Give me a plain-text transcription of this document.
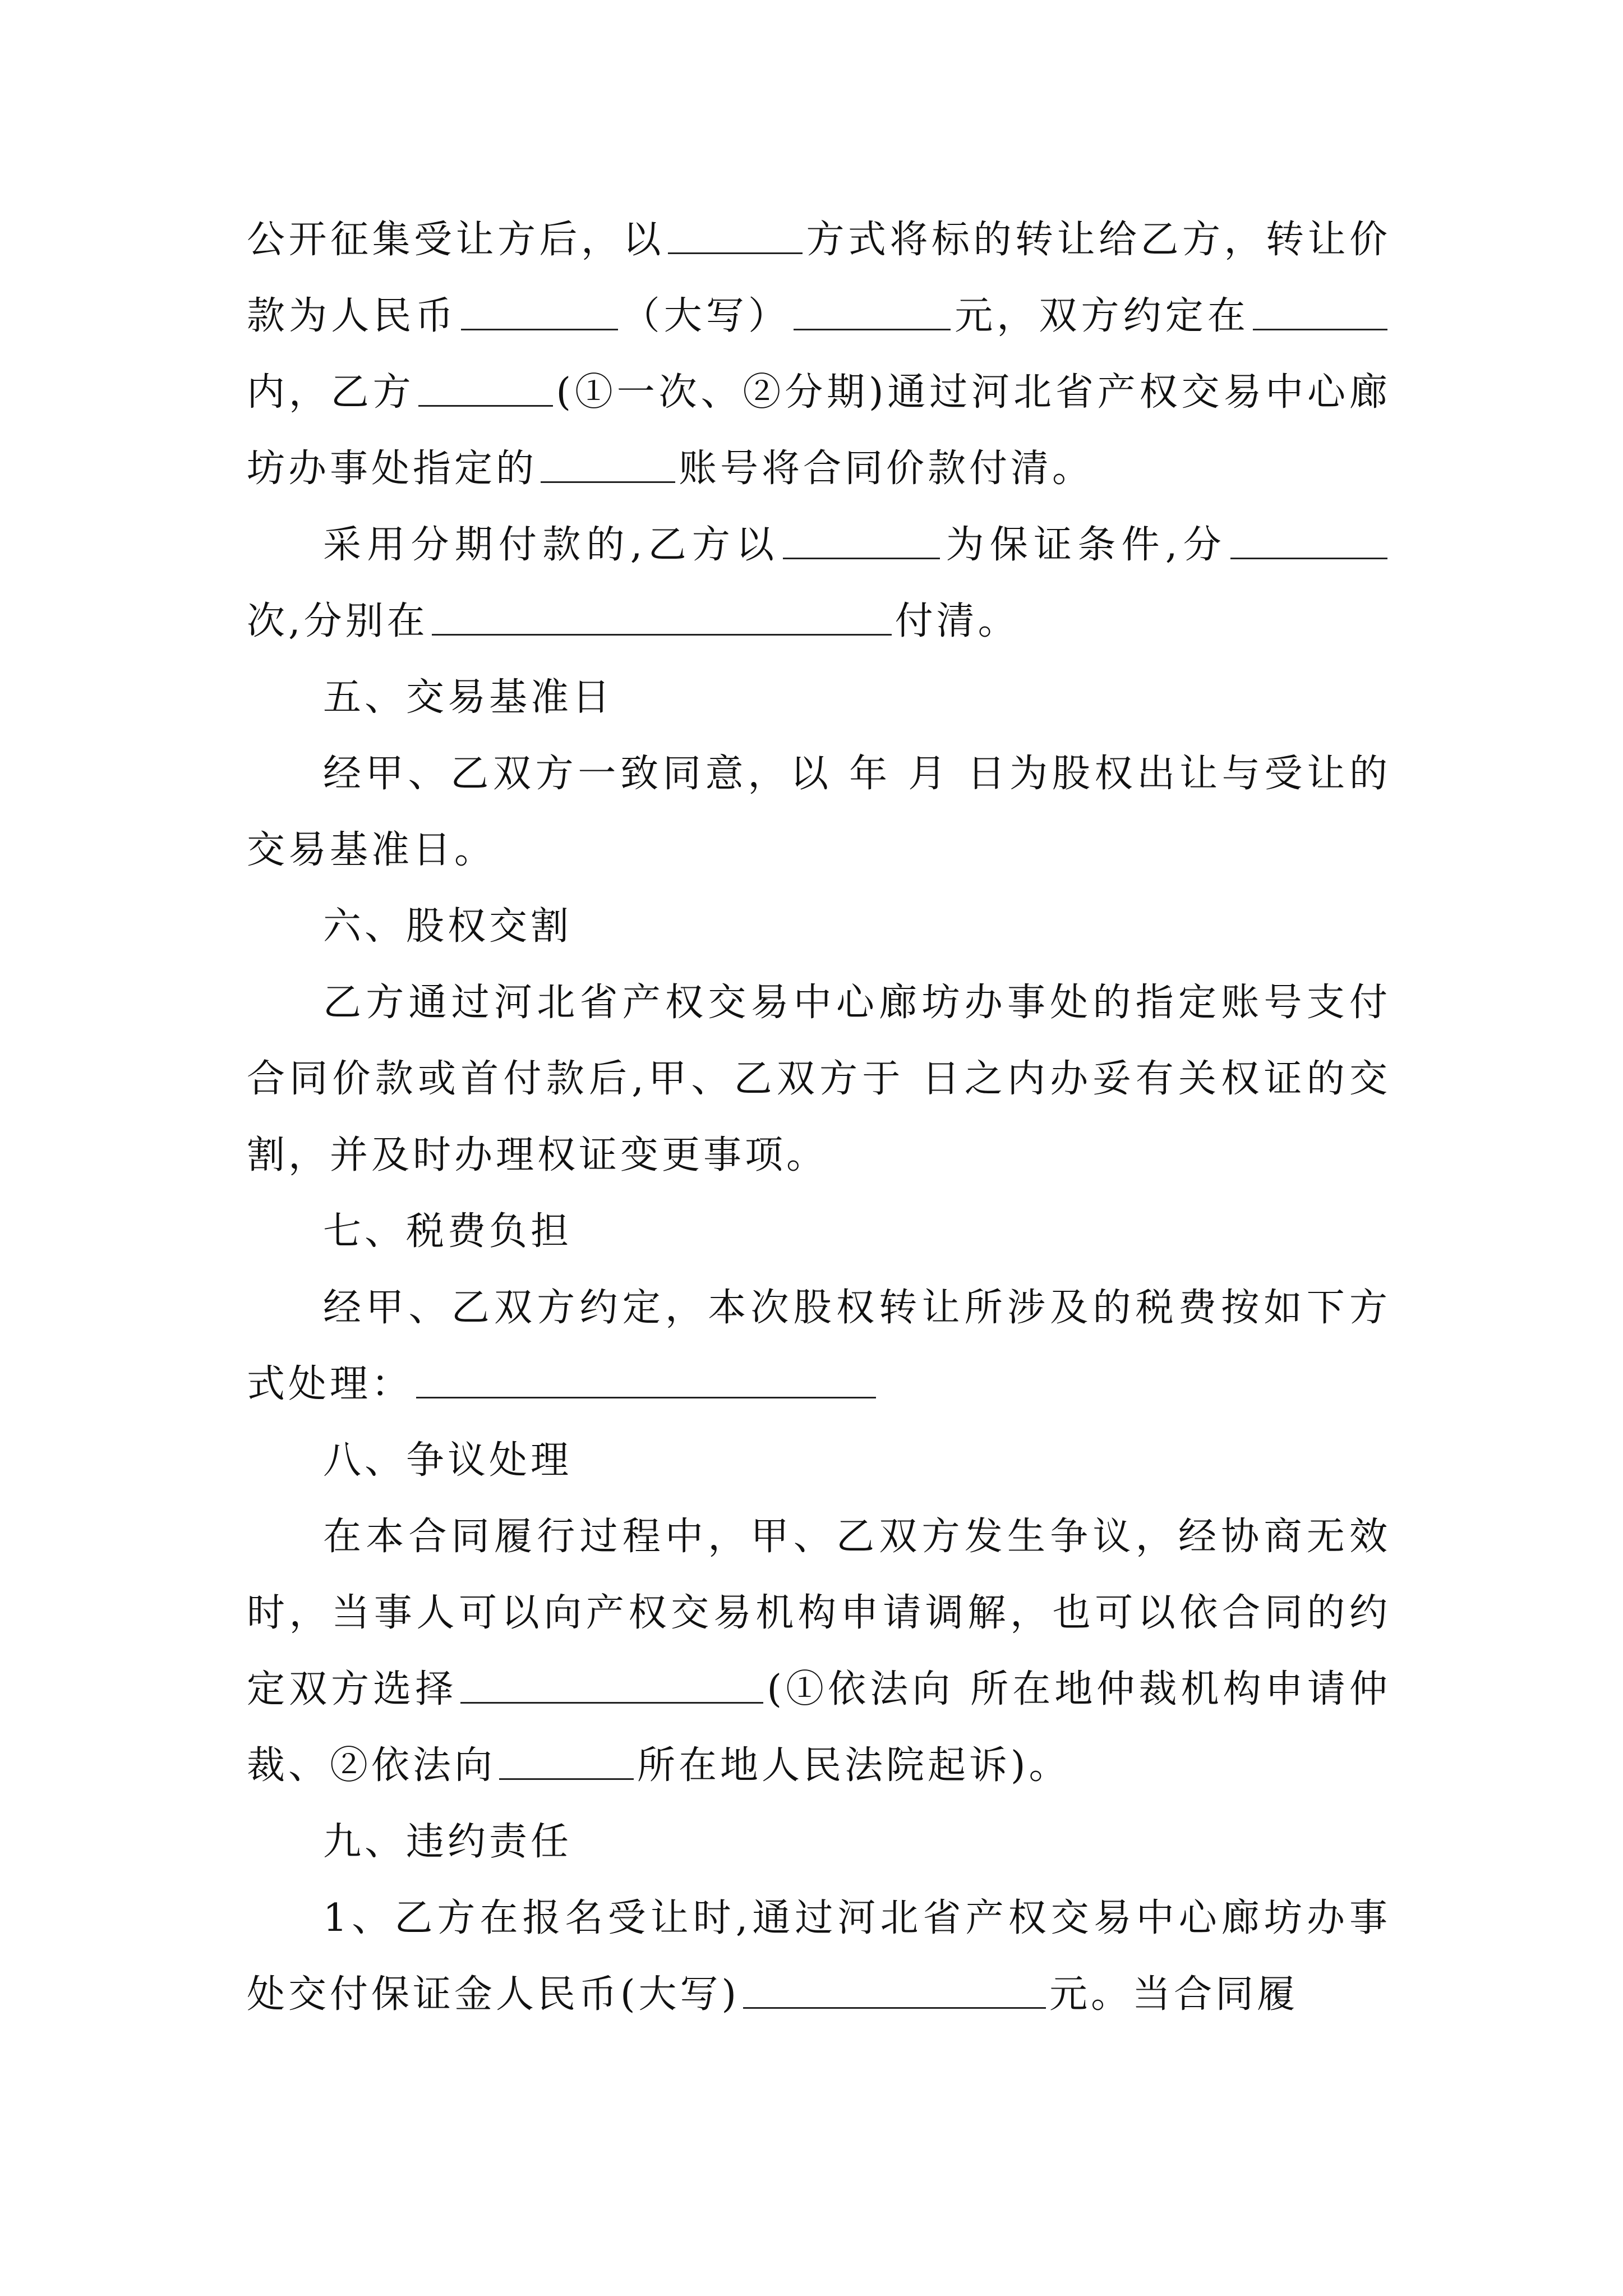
公开征集受让方后，以	方式将标的转让给乙方，转让价款为人民币	（大写）	元，双方约定在内，乙方	(①一次、②分期)通过河北省产权交易中心廊坊办事处指定的	账号将合同价款付清。

采用分期付款的,乙方以	为保证条件,分次,分别在	付清。

五、交易基准日

经甲、乙双方一致同意，以 年 月 日为股权出让与受让的交易基准日。

六、股权交割

乙方通过河北省产权交易中心廊坊办事处的指定账号支付合同价款或首付款后,甲、乙双方于 日之内办妥有关权证的交割，并及时办理权证变更事项。

七、税费负担

经甲、乙双方约定，本次股权转让所涉及的税费按如下方式处理：

八、争议处理

在本合同履行过程中，甲、乙双方发生争议，经协商无效时，当事人可以向产权交易机构申请调解，也可以依合同的约定双方选择	(①依法向 所在地仲裁机构申请仲裁、②依法向	所在地人民法院起诉)。

九、违约责任

1、乙方在报名受让时,通过河北省产权交易中心廊坊办事处交付保证金人民币(大写)	元。当合同履
